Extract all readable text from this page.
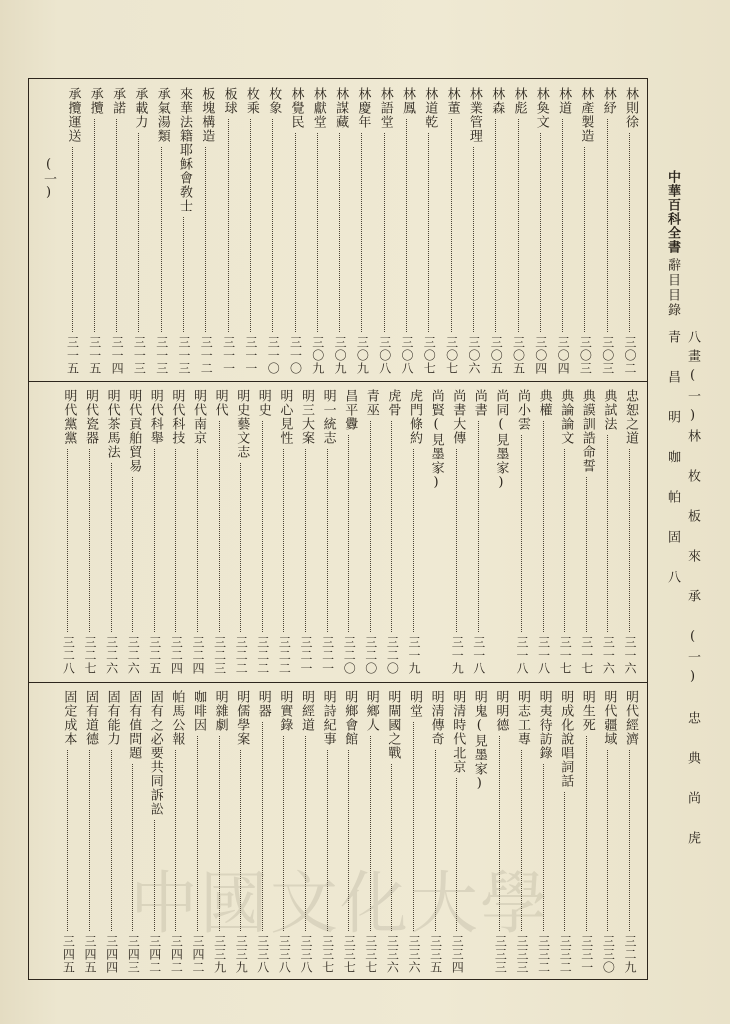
中華百科全書
辭目目錄
八畫(一)林 枚 板 來 承 (一) 忠 典 尚 虎 青 昌 明 咖 帕 固 八
林則徐
三〇二
林紓
三〇三
林產製造
三〇三
林道
三〇四
林奐文
三〇四
林彪
三〇五
林森
三〇五
林業管理
三〇六
林董
三〇七
林道乾
三〇七
林鳳
三〇八
林語堂
三〇八
林慶年
三〇九
林謀藏
三〇九
林獻堂
三〇九
林覺民
三一〇
枚象
三一〇
枚乘
三一一
板球
三一一
板塊構造
三一二
來華法籍耶穌會敎士
三一三
承氣湯類
三一三
承載力
三一三
承諾
三一四
承攬
三一五
承攬運送
三一五
(一)
忠恕之道
三一六
典試法
三一六
典謨訓誥命誓
三一七
典論論文
三一七
典權
三一八
尚小雲
三一八
尚同(見墨家)
尚書
三一八
尚書大傳
三一九
尚賢(見墨家)
虎門條約
三一九
虎骨
三二〇
青巫
三二〇
昌平釁
三二〇
明一統志
三二一
明三大案
三二一
明心見性
三二二
明史
三二二
明史藝文志
三二二
明代
三二三
明代南京
三二四
明代科技
三二四
明代科舉
三二五
明代貢舶貿易
三二六
明代茶馬法
三二六
明代瓷器
三二七
明代黨黨
三二八
明代經濟
三二九
明代疆域
三三〇
明生死
三三一
明成化說唱詞話
三三二
明夷待訪錄
三三二
明志工專
三三三
明明德
三三三
明鬼(見墨家)
明清時代北京
三三四
明清傳奇
三三五
明堂
三三六
明閘國之戰
三三六
明鄉人
三三七
明鄉會館
三三七
明詩紀事
三三七
明經道
三三八
明實錄
三三八
明器
三三八
明儒學案
三三九
明雜劇
三三九
咖啡因
三四二
帕馬公報
三四二
固有之必要共同訴訟
三四二
固有值問題
三四三
固有能力
三四四
固有道德
三四五
固定成本
三四五
